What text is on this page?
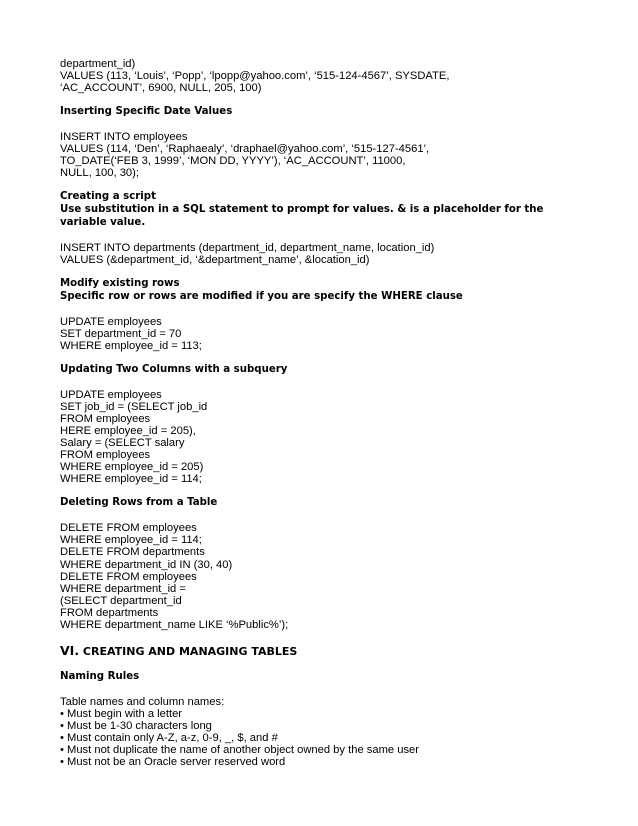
department_id)
VALUES (113, ‘Louis’, ‘Popp’, ‘lpopp@yahoo.com’, ‘515-124-4567’, SYSDATE,
‘AC_ACCOUNT’, 6900, NULL, 205, 100)
Inserting Specific Date Values
INSERT INTO employees
VALUES (114, ‘Den’, ‘Raphaealy’, ‘draphael@yahoo.com’, ‘515-127-4561’,
TO_DATE(‘FEB 3, 1999’, ‘MON DD, YYYY’), ‘AC_ACCOUNT’, 11000,
NULL, 100, 30);
Creating a script
Use substitution in a SQL statement to prompt for values. & is a placeholder for the
variable value.
INSERT INTO departments (department_id, department_name, location_id)
VALUES (&department_id, ‘&department_name’, &location_id)
Modify existing rows
Specific row or rows are modified if you are specify the WHERE clause
UPDATE employees
SET department_id = 70
WHERE employee_id = 113;
Updating Two Columns with a subquery
UPDATE employees
SET job_id = (SELECT job_id
FROM employees
HERE employee_id = 205),
Salary = (SELECT salary
FROM employees
WHERE employee_id = 205)
WHERE employee_id = 114;
Deleting Rows from a Table
DELETE FROM employees
WHERE employee_id = 114;
DELETE FROM departments
WHERE department_id IN (30, 40)
DELETE FROM employees
WHERE department_id =
(SELECT department_id
FROM departments
WHERE department_name LIKE ‘%Public%’);
VI. CREATING AND MANAGING TABLES
Naming Rules
Table names and column names:
• Must begin with a letter
• Must be 1-30 characters long
• Must contain only A-Z, a-z, 0-9, _, $, and #
• Must not duplicate the name of another object owned by the same user
• Must not be an Oracle server reserved word
